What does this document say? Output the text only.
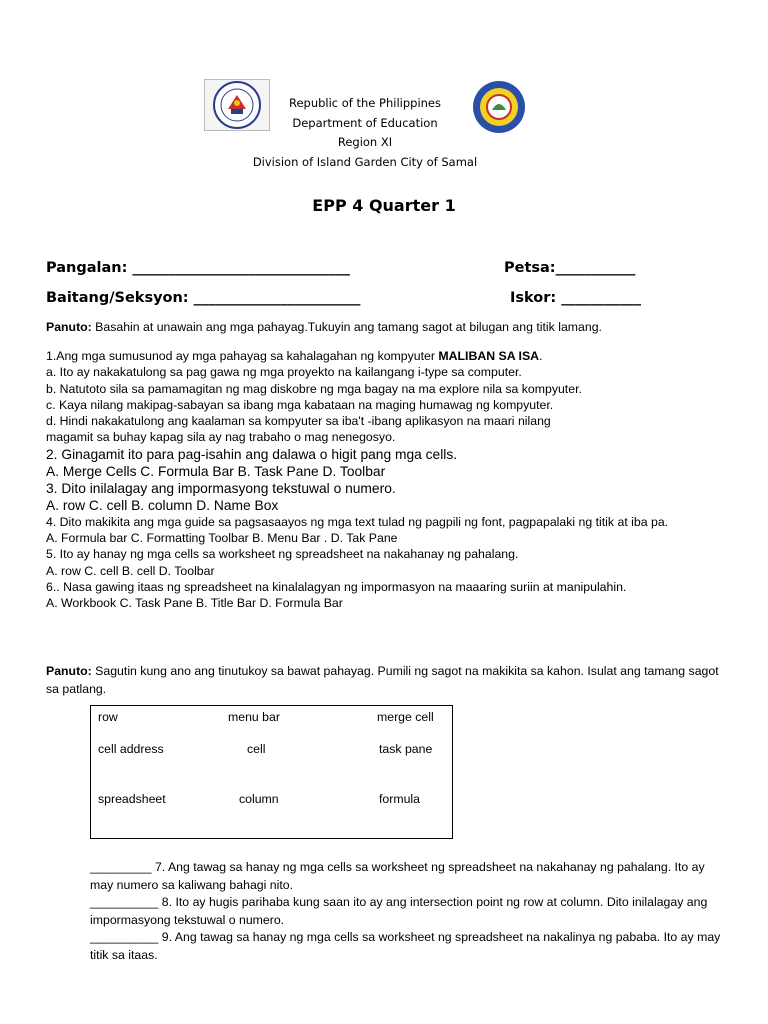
Republic of the Philippines
Department of Education
Region XI
Division of Island Garden City of Samal
EPP 4 Quarter 1
Pangalan: ______________________________	Petsa:___________
Baitang/Seksyon: _______________________	Iskor: ___________
Panuto: Basahin at unawain ang mga pahayag.Tukuyin ang tamang sagot at bilugan ang titik lamang.
1.Ang mga sumusunod ay mga pahayag sa kahalagahan ng kompyuter MALIBAN SA ISA.
a. Ito ay nakakatulong sa pag gawa ng mga proyekto na kailangang i-type sa computer.
b. Natutoto sila sa pamamagitan ng mag diskobre ng mga bagay na ma explore nila sa kompyuter.
c. Kaya nilang makipag-sabayan sa ibang mga kabataan na maging humawag ng kompyuter.
d. Hindi nakakatulong ang kaalaman sa kompyuter sa iba't -ibang aplikasyon na maari nilang
magamit sa buhay kapag sila ay nag trabaho o mag nenegosyo.
2. Ginagamit ito para pag-isahin ang dalawa o higit pang mga cells.
A. Merge Cells C. Formula Bar B. Task Pane D. Toolbar
3. Dito inilalagay ang impormasyong tekstuwal o numero.
A. row C. cell B. column D. Name Box
4. Dito makikita ang mga guide sa pagsasaayos ng mga text tulad ng pagpili ng font, pagpapalaki ng titik at iba pa.
A. Formula bar C. Formatting Toolbar B. Menu Bar . D. Tak Pane
5. Ito ay hanay ng mga cells sa worksheet ng spreadsheet na nakahanay ng pahalang.
A. row C. cell B. cell D. Toolbar
6.. Nasa gawing itaas ng spreadsheet na kinalalagyan ng impormasyon na maaaring suriin at manipulahin.
A. Workbook C. Task Pane B. Title Bar D. Formula Bar
Panuto: Sagutin kung ano ang tinutukoy sa bawat pahayag. Pumili ng sagot na makikita sa kahon. Isulat ang tamang sagot sa patlang.
row	menu bar	merge cell
cell address	cell	task pane
spreadsheet	column	formula
_________ 7. Ang tawag sa hanay ng mga cells sa worksheet ng spreadsheet na nakahanay ng pahalang. Ito ay may numero sa kaliwang bahagi nito.
__________ 8. Ito ay hugis parihaba kung saan ito ay ang intersection point ng row at column. Dito inilalagay ang impormasyong tekstuwal o numero.
__________ 9. Ang tawag sa hanay ng mga cells sa worksheet ng spreadsheet na nakalinya ng pababa. Ito ay may titik sa itaas.
